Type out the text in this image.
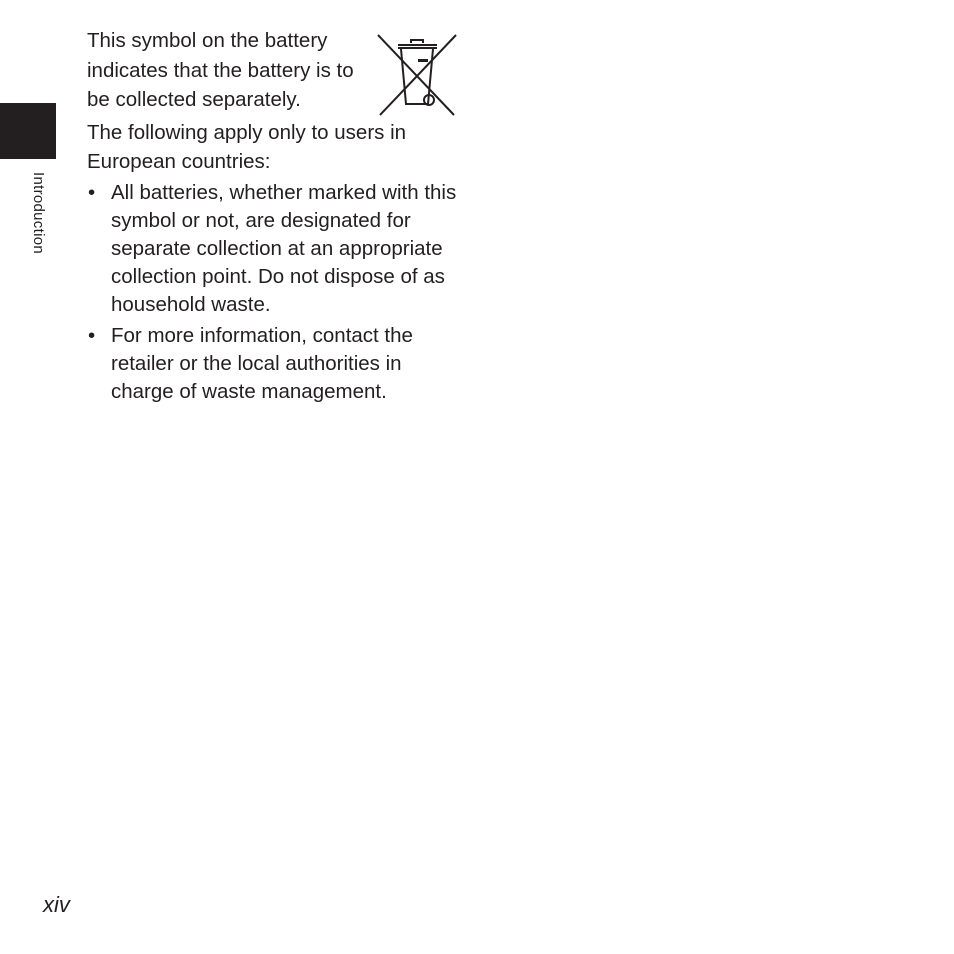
Introduction

This symbol on the battery indicates that the battery is to be collected separately.

The following apply only to users in European countries:

• All batteries, whether marked with this symbol or not, are designated for separate collection at an appropriate collection point. Do not dispose of as household waste.
• For more information, contact the retailer or the local authorities in charge of waste management.
xiv
